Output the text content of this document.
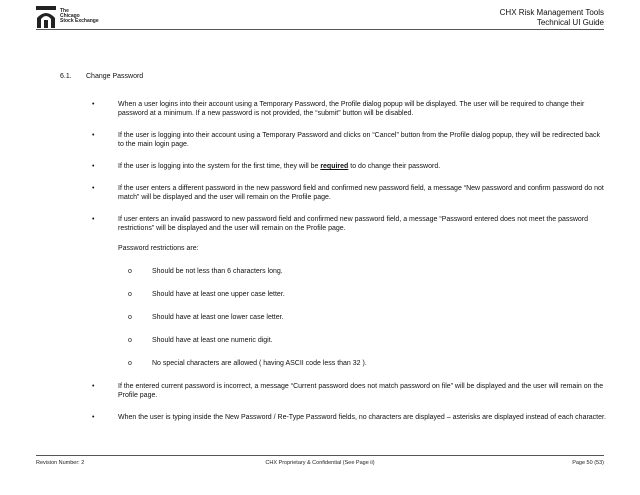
The
Chicago
Stock Exchange
CHX Risk Management Tools
Technical UI Guide
6.1. Change Password
•	When a user logins into their account using a Temporary Password, the Profile dialog popup will be displayed. The user will be required to change their password at a minimum. If a new password is not provided, the “submit” button will be disabled.
•	If the user is logging into their account using a Temporary Password and clicks on “Cancel” button from the Profile dialog popup, they will be redirected back to the main login page.
•	If the user is logging into the system for the first time, they will be required to do change their password.
•	If the user enters a different password in the new password field and confirmed new password field, a message “New password and confirm password do not match” will be displayed and the user will remain on the Profile page.
•	If user enters an invalid password to new password field and confirmed new password field, a message “Password entered does not meet the password restrictions” will be displayed and the user will remain on the Profile page.
Password restrictions are:
o	Should be not less than 6 characters long.
o	Should have at least one upper case letter.
o	Should have at least one lower case letter.
o	Should have at least one numeric digit.
o	No special characters are allowed ( having ASCII code less than 32 ).
•	If the entered current password is incorrect, a message “Current password does not match password on file” will be displayed and the user will remain on the Profile page.
•	When the user is typing inside the New Password / Re-Type Password fields, no characters are displayed – asterisks are displayed instead of each character.
Revision Number: 2	CHX Proprietary & Confidential (See Page ii)	Page 50 (53)
